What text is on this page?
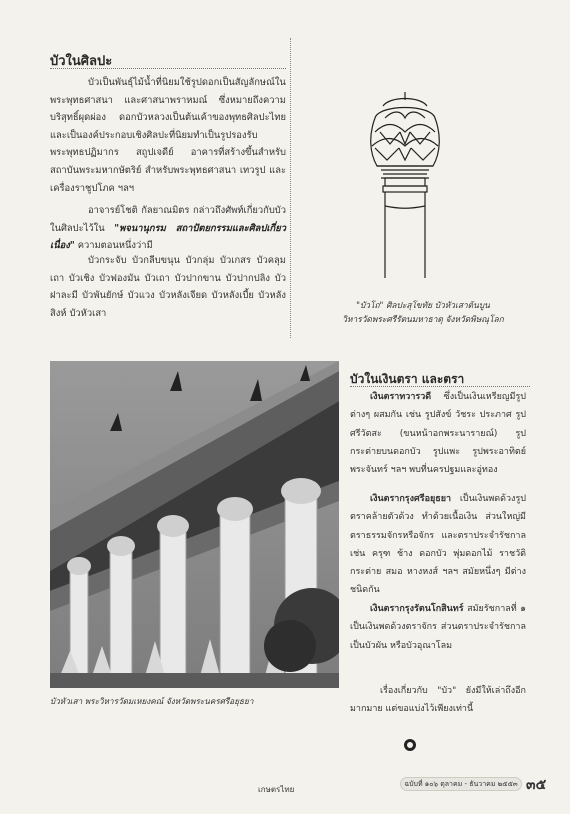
บัวในศิลปะ

บัวเป็นพันธุ์ไม้น้ำที่นิยมใช้รูปดอกเป็นสัญลักษณ์ในพระพุทธศาสนา และศาสนาพราหมณ์ ซึ่งหมายถึงความบริสุทธิ์ผุดผ่อง ดอกบัวหลวงเป็นต้นเค้าของพุทธศิลปะไทย และเป็นองค์ประกอบเชิงศิลปะที่นิยมทำเป็นรูปรองรับพระพุทธปฏิมากร สถูปเจดีย์ อาคารที่สร้างขึ้นสำหรับสถาบันพระมหากษัตริย์ สำหรับพระพุทธศาสนา เทวรูป และเครื่องราชูปโภค ฯลฯ

อาจารย์โชติ กัลยาณมิตร กล่าวถึงศัพท์เกี่ยวกับบัวในศิลปะไว้ใน "พจนานุกรม สถาปัตยกรรมและศิลปเกี่ยวเนื่อง" ความตอนหนึ่งว่ามี

บัวกระจับ บัวกลีบขนุน บัวกลุ่ม บัวเกสร บัวคลุมเถา บัวเชิง บัวฟองมัน บัวเถา บัวปากขาน บัวปากปลิง บัวฝาละมี บัวพันยักษ์ บัวแวง บัวหลังเจียด บัวหลังเบี้ย บัวหลังสิงห์ บัวหัวเสา

"บัวโถ" ศิลปะสุโขทัย บัวหัวเสาต้นบูน
วิหารวัดพระศรีรัตนมหาธาตุ จังหวัดพิษณุโลก
บัวหัวเสา พระวิหารวัดมเหยงคณ์ จังหวัดพระนครศรีอยุธยา
บัวในเงินตรา และตรา

เงินตราทวารวดี ซึ่งเป็นเงินเหรียญมีรูปต่างๆ ผสมกัน เช่น รูปสังข์ วัชระ ประภาศ รูปศรีวัตสะ (ขนหน้าอกพระนารายณ์) รูปกระต่ายบนดอกบัว รูปแพะ รูปพระอาทิตย์ พระจันทร์ ฯลฯ พบที่นครปฐมและอู่ทอง

เงินตรากรุงศรีอยุธยา เป็นเงินพดด้วงรูปตราคล้ายตัวด้วง ทำด้วยเนื้อเงิน ส่วนใหญ่มีตราธรรมจักรหรือจักร และตราประจำรัชกาล เช่น ครุฑ ช้าง ดอกบัว พุ่มดอกไม้ ราชวัติ กระต่าย สมอ หางหงส์ ฯลฯ สมัยหนึ่งๆ มีต่างชนิดกัน

เงินตรากรุงรัตนโกสินทร์ สมัยรัชกาลที่ ๑ เป็นเงินพดด้วงตราจักร ส่วนตราประจำรัชกาลเป็นบัวผัน หรือบัวอุณาโลม

เรื่องเกี่ยวกับ "บัว" ยังมีให้เล่าถึงอีกมากมาย แต่ขอแบ่งไว้เพียงเท่านี้

เกษตรไทย
ฉบับที่ ๑๐๖ ตุลาคม - ธันวาคม ๒๕๕๓ ๓๕
